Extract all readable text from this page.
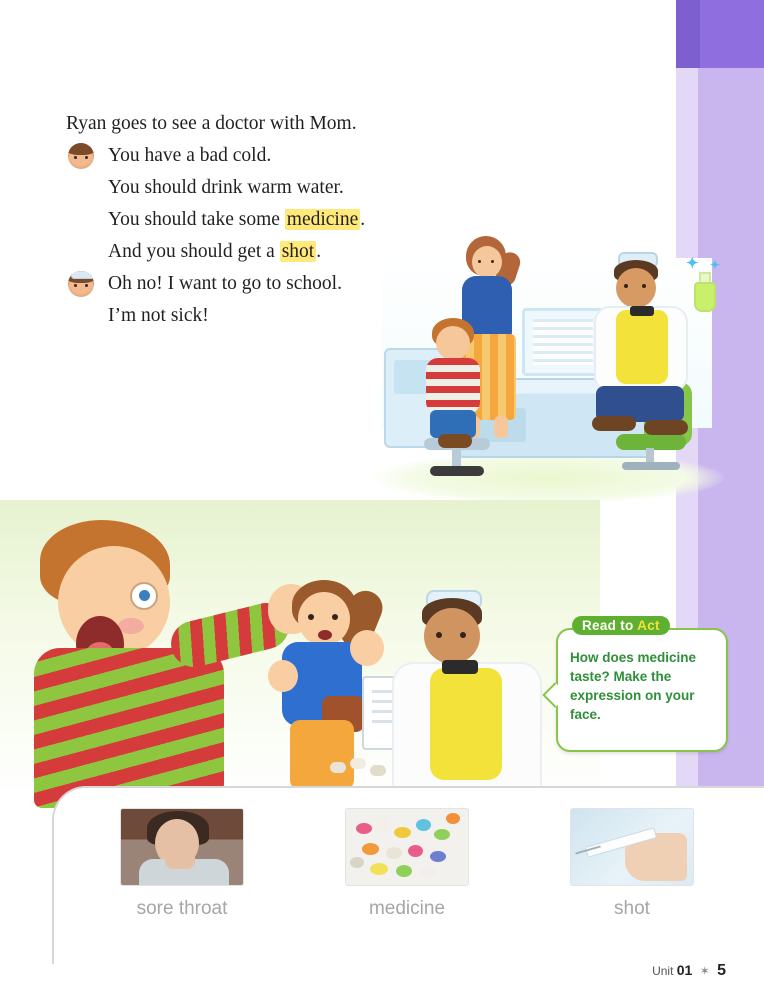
Ryan goes to see a doctor with Mom.
You have a bad cold.
You should drink warm water.
You should take some medicine .
And you should get a shot .
Oh no! I want to go to school.
I’m not sick!
✦ ✦
Read to Act
How does medicine taste? Make the expression on your face.
sore throat	medicine	shot
Unit 01 ✶ 5
